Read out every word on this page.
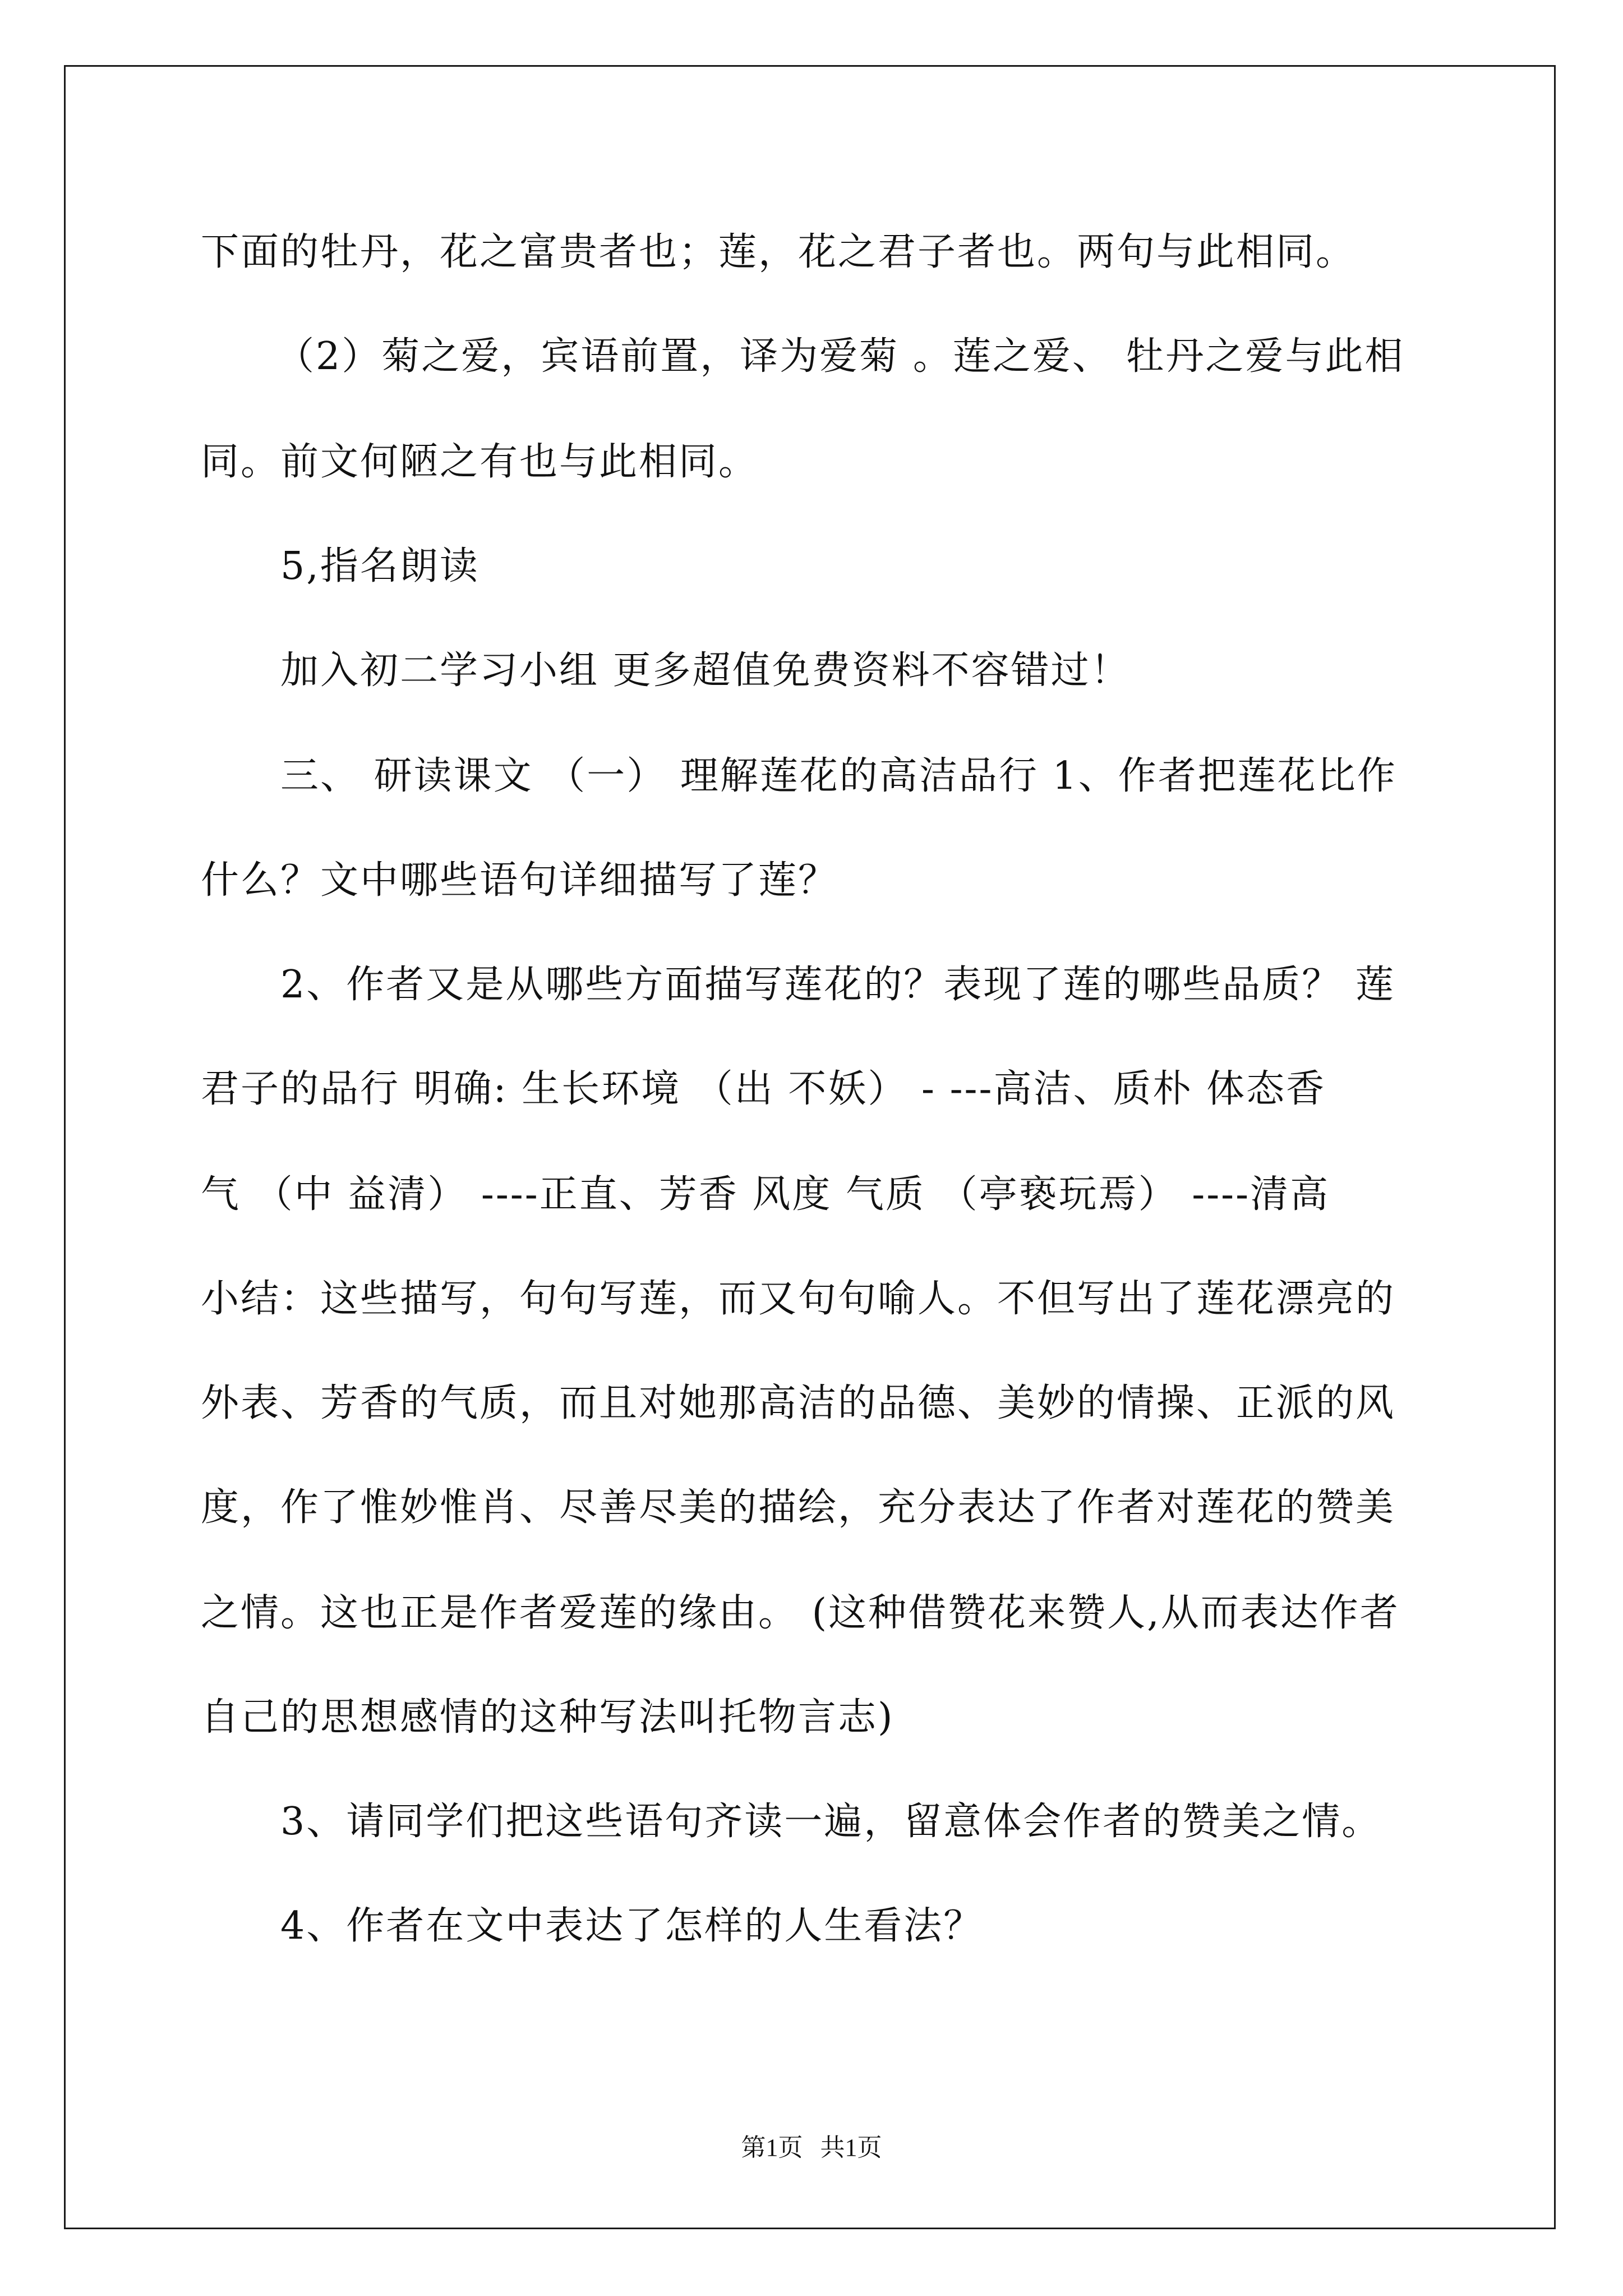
下面的牡丹，花之富贵者也；莲，花之君子者也。两句与此相同。
（2）菊之爱，宾语前置，译为爱菊 。莲之爱、 牡丹之爱与此相
同。前文何陋之有也与此相同。
5,指名朗读
加入初二学习小组 更多超值免费资料不容错过！
三、 研读课文 （一） 理解莲花的高洁品行 1、作者把莲花比作
什么？文中哪些语句详细描写了莲？
2、作者又是从哪些方面描写莲花的？表现了莲的哪些品质？ 莲
君子的品行 明确: 生长环境 （出 不妖） - ---高洁、质朴 体态香
气 （中 益清） ----正直、芳香 风度 气质 （亭亵玩焉） ----清高
小结：这些描写，句句写莲，而又句句喻人。不但写出了莲花漂亮的
外表、芳香的气质，而且对她那高洁的品德、美妙的情操、正派的风
度，作了惟妙惟肖、尽善尽美的描绘，充分表达了作者对莲花的赞美
之情。这也正是作者爱莲的缘由。 (这种借赞花来赞人,从而表达作者
自己的思想感情的这种写法叫托物言志)
3、请同学们把这些语句齐读一遍，留意体会作者的赞美之情。
4、作者在文中表达了怎样的人生看法？
第1页 共1页
